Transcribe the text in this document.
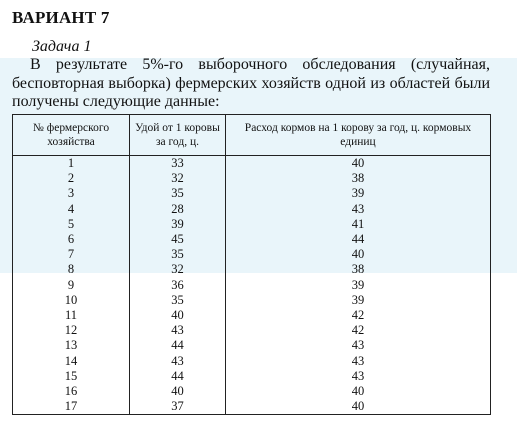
ВАРИАНТ 7
Задача 1
В результате 5%-го выборочного обследования (случайная, бесповторная выборка) фермерских хозяйств одной из областей были получены следующие данные:
№ фермерского хозяйства	Удой от 1 коровы за год, ц.	Расход кормов на 1 корову за год, ц. кормовых единиц
1	33	40
2	32	38
3	35	39
4	28	43
5	39	41
6	45	44
7	35	40
8	32	38
9	36	39
10	35	39
11	40	42
12	43	42
13	44	43
14	43	43
15	44	43
16	40	40
17	37	40
